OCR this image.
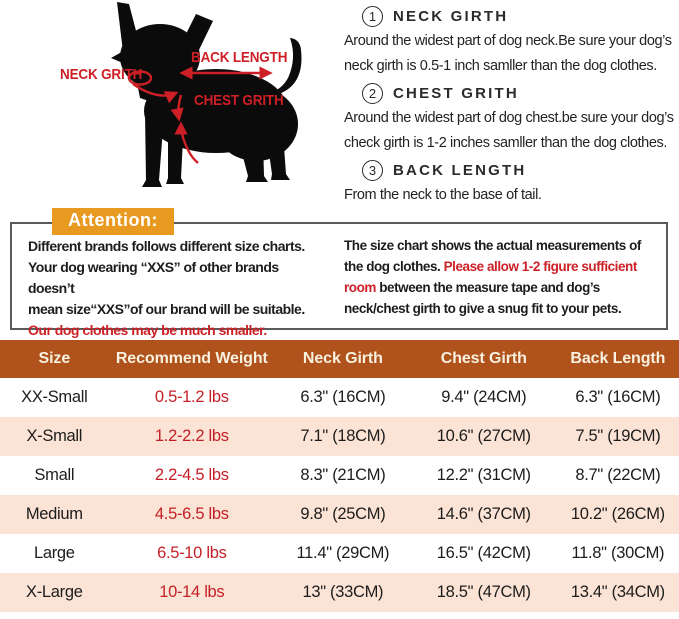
NECK GRITH
BACK LENGTH
CHEST GRITH
1	NECK GIRTH
Around the widest part of dog neck.Be sure your dog’s neck girth is 0.5-1 inch samller than the dog clothes.
2	CHEST GRITH
Around the widest part of dog chest.be sure your dog’s check girth is 1-2 inches samller than the dog clothes.
3	BACK LENGTH
From the neck to the base of tail.
Attention:
Different brands follows different size charts.
Your dog wearing “XXS” of other brands doesn’t
mean size“XXS”of our brand will be suitable.
Our dog clothes may be much smaller.

The size chart shows the actual measurements of the dog clothes. Please allow 1-2 figure sufficient room between the measure tape and dog’s neck/chest girth to give a snug fit to your pets.

Size	Recommend Weight	Neck Girth	Chest Girth	Back Length
XX-Small	0.5-1.2 lbs	6.3" (16CM)	9.4" (24CM)	6.3" (16CM)
X-Small	1.2-2.2 lbs	7.1" (18CM)	10.6" (27CM)	7.5" (19CM)
Small	2.2-4.5 lbs	8.3" (21CM)	12.2" (31CM)	8.7" (22CM)
Medium	4.5-6.5 lbs	9.8" (25CM)	14.6" (37CM)	10.2" (26CM)
Large	6.5-10 lbs	11.4" (29CM)	16.5" (42CM)	11.8" (30CM)
X-Large	10-14 lbs	13" (33CM)	18.5" (47CM)	13.4" (34CM)
